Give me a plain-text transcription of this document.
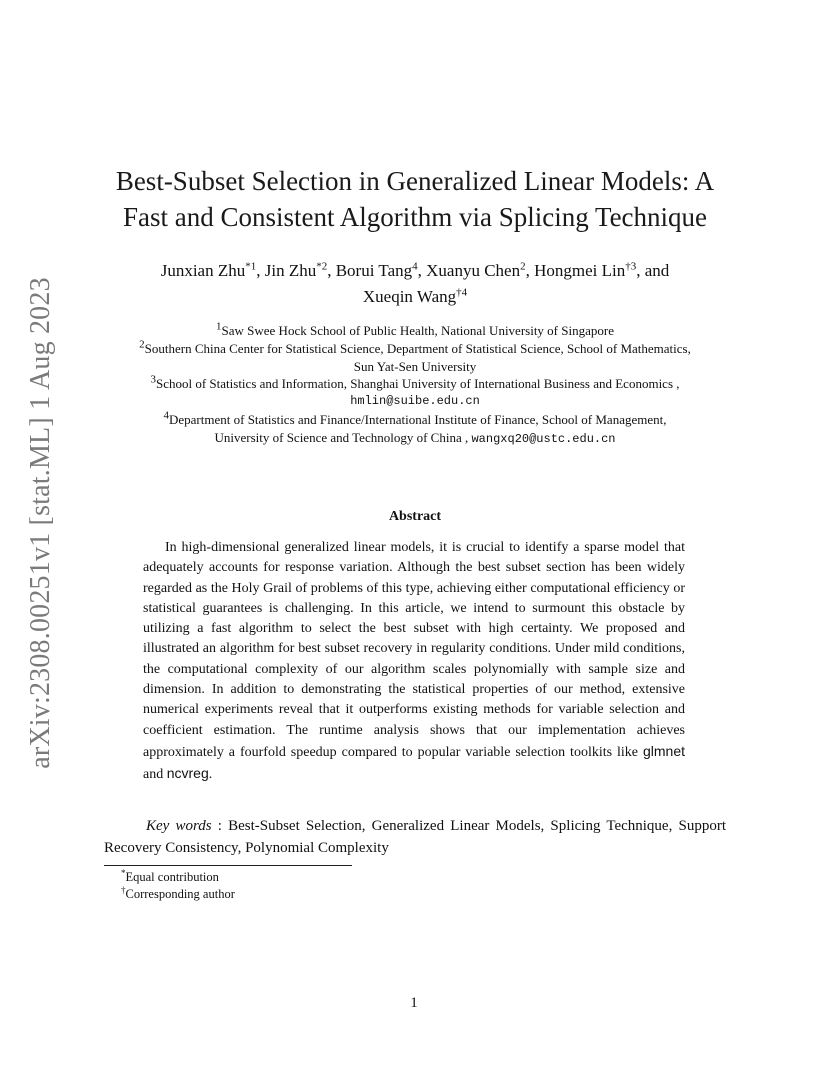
arXiv:2308.00251v1 [stat.ML] 1 Aug 2023
Best-Subset Selection in Generalized Linear Models: A
Fast and Consistent Algorithm via Splicing Technique
Junxian Zhu$^{*1}$, Jin Zhu$^{*2}$, Borui Tang$^4$, Xuanyu Chen$^2$, Hongmei Lin$^{\dagger 3}$, and
Xueqin Wang$^{\dagger 4}$
$^1$Saw Swee Hock School of Public Health, National University of Singapore
$^2$Southern China Center for Statistical Science, Department of Statistical Science, School of Mathematics,
Sun Yat-Sen University
$^3$School of Statistics and Information, Shanghai University of International Business and Economics ,
hmlin@suibe.edu.cn
$^4$Department of Statistics and Finance/International Institute of Finance, School of Management,
University of Science and Technology of China , wangxq20@ustc.edu.cn
Abstract
In high-dimensional generalized linear models, it is crucial to identify a sparse model that adequately accounts for response variation. Although the best subset section has been widely regarded as the Holy Grail of problems of this type, achieving either computational efficiency or statistical guarantees is challenging. In this article, we intend to surmount this obstacle by utilizing a fast algorithm to select the best subset with high certainty. We proposed and illustrated an algorithm for best subset recovery in regularity conditions. Under mild conditions, the computational complexity of our algorithm scales polynomially with sample size and dimension. In addition to demonstrating the statistical properties of our method, extensive numerical experiments reveal that it outperforms existing methods for variable selection and coefficient estimation. The runtime analysis shows that our implementation achieves approximately a fourfold speedup compared to popular variable selection toolkits like glmnet and ncvreg.
Key words : Best-Subset Selection, Generalized Linear Models, Splicing Technique, Support Recovery Consistency, Polynomial Complexity
*Equal contribution
†Corresponding author
1
